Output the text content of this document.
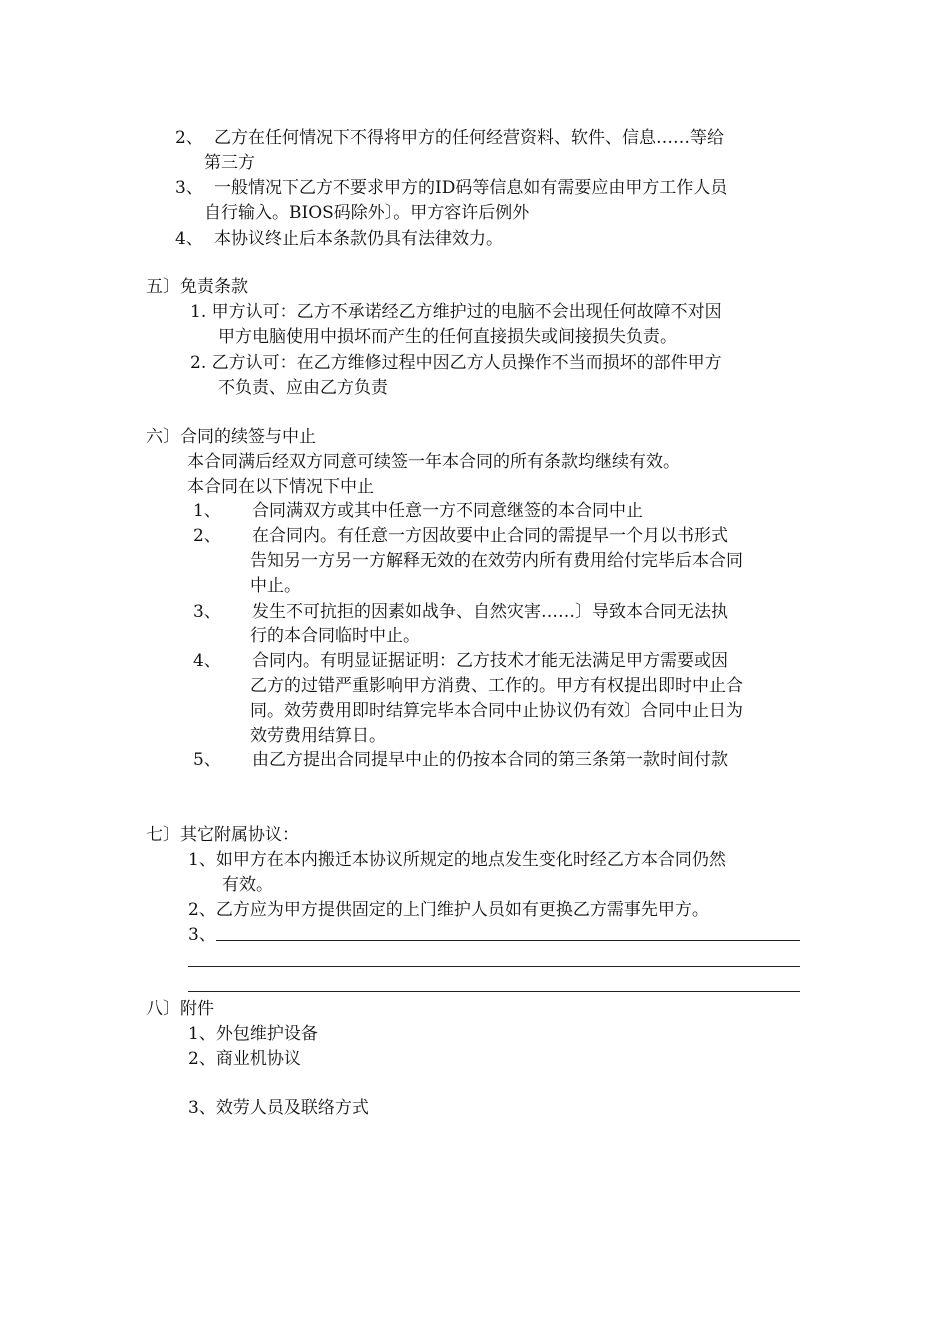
2、 乙方在任何情况下不得将甲方的任何经营资料、软件、信息……等给
第三方
3、 一般情况下乙方不要求甲方的ID码等信息如有需要应由甲方工作人员
自行输入。BIOS码除外〕。甲方容许后例外
4、 本协议终止后本条款仍具有法律效力。
五〕免责条款
1. 甲方认可：乙方不承诺经乙方维护过的电脑不会出现任何故障不对因
甲方电脑使用中损坏而产生的任何直接损失或间接损失负责。
2. 乙方认可：在乙方维修过程中因乙方人员操作不当而损坏的部件甲方
不负责、应由乙方负责
六〕合同的续签与中止
本合同满后经双方同意可续签一年本合同的所有条款均继续有效。
本合同在以下情况下中止
1、 合同满双方或其中任意一方不同意继签的本合同中止
2、 在合同内。有任意一方因故要中止合同的需提早一个月以书形式
告知另一方另一方解释无效的在效劳内所有费用给付完毕后本合同
中止。
3、 发生不可抗拒的因素如战争、自然灾害……〕导致本合同无法执
行的本合同临时中止。
4、 合同内。有明显证据证明：乙方技术才能无法满足甲方需要或因
乙方的过错严重影响甲方消费、工作的。甲方有权提出即时中止合
同。效劳费用即时结算完毕本合同中止协议仍有效〕合同中止日为
效劳费用结算日。
5、 由乙方提出合同提早中止的仍按本合同的第三条第一款时间付款
七〕其它附属协议：
1、如甲方在本内搬迁本协议所规定的地点发生变化时经乙方本合同仍然
有效。
2、乙方应为甲方提供固定的上门维护人员如有更换乙方需事先甲方。
3、
八〕附件
1、外包维护设备
2、商业机协议
3、效劳人员及联络方式
